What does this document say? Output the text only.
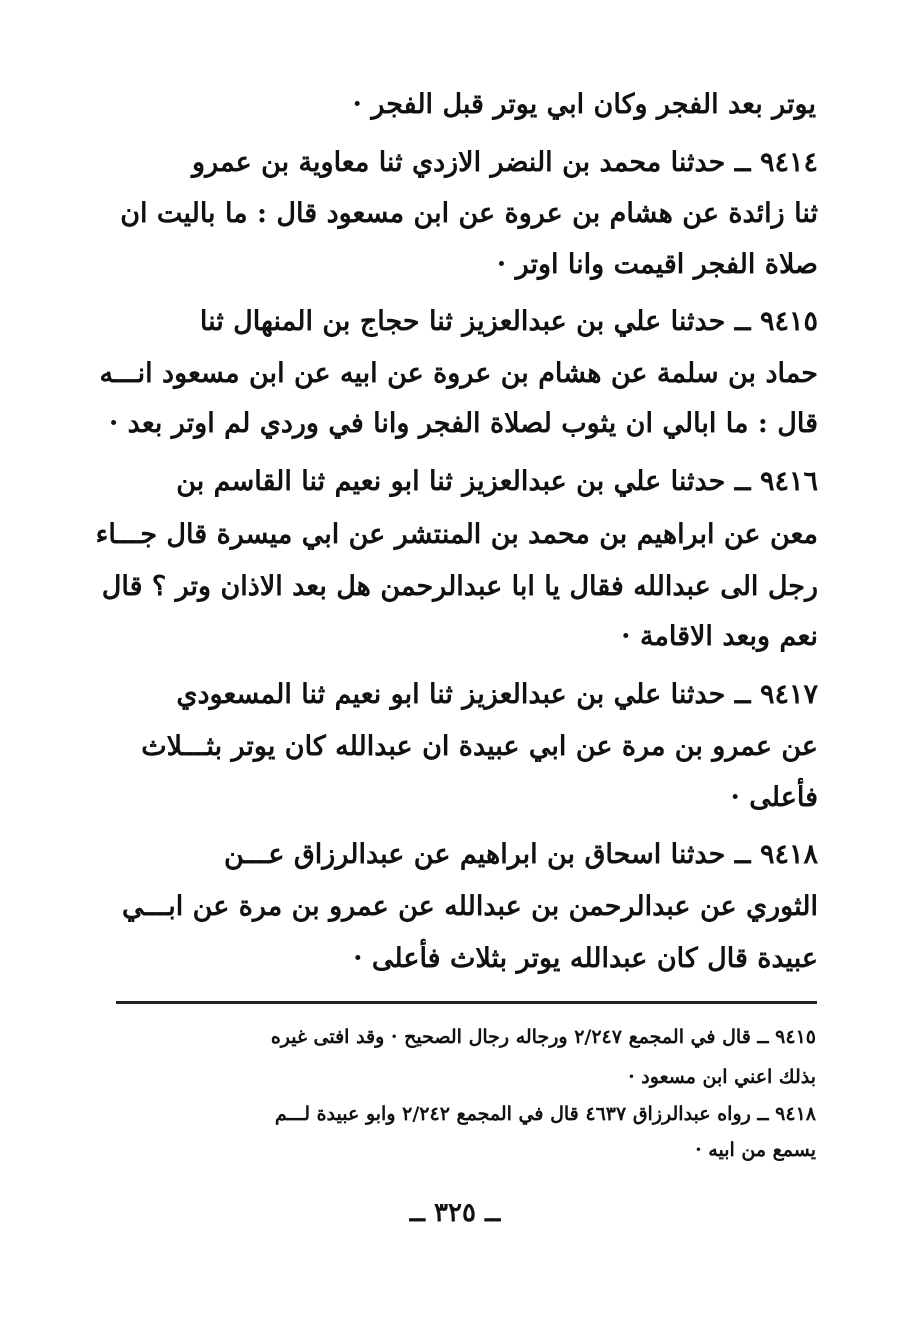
يوتر بعد الفجر وكان ابي يوتر قبل الفجر ·
٩٤١٤ ــ حدثنا محمد بن النضر الازدي ثنا معاوية بن عمرو
ثنا زائدة عن هشام بن عروة عن ابن مسعود قال : ما باليت ان
صلاة الفجر اقيمت وانا اوتر ·
٩٤١٥ ــ حدثنا علي بن عبدالعزيز ثنا حجاج بن المنهال ثنا
حماد بن سلمة عن هشام بن عروة عن ابيه عن ابن مسعود انـــه
قال : ما ابالي ان يثوب لصلاة الفجر وانا في وردي لم اوتر بعد ·
٩٤١٦ ــ حدثنا علي بن عبدالعزيز ثنا ابو نعيم ثنا القاسم بن
معن عن ابراهيم بن محمد بن المنتشر عن ابي ميسرة قال جـــاء
رجل الى عبدالله فقال يا ابا عبدالرحمن هل بعد الاذان وتر ؟ قال
نعم وبعد الاقامة ·
٩٤١٧ ــ حدثنا علي بن عبدالعزيز ثنا ابو نعيم ثنا المسعودي
عن عمرو بن مرة عن ابي عبيدة ان عبدالله كان يوتر بثـــلاث
فأعلى ·
٩٤١٨ ــ حدثنا اسحاق بن ابراهيم عن عبدالرزاق عـــن
الثوري عن عبدالرحمن بن عبدالله عن عمرو بن مرة عن ابـــي
عبيدة قال كان عبدالله يوتر بثلاث فأعلى ·
٩٤١٥ ــ قال في المجمع ٢/٢٤٧ ورجاله رجال الصحيح · وقد افتى غيره
بذلك اعني ابن مسعود ·
٩٤١٨ ــ رواه عبدالرزاق ٤٦٣٧ قال في المجمع ٢/٢٤٢ وابو عبيدة لـــم
يسمع من ابيه ·
ــ ٣٢٥ ــ
